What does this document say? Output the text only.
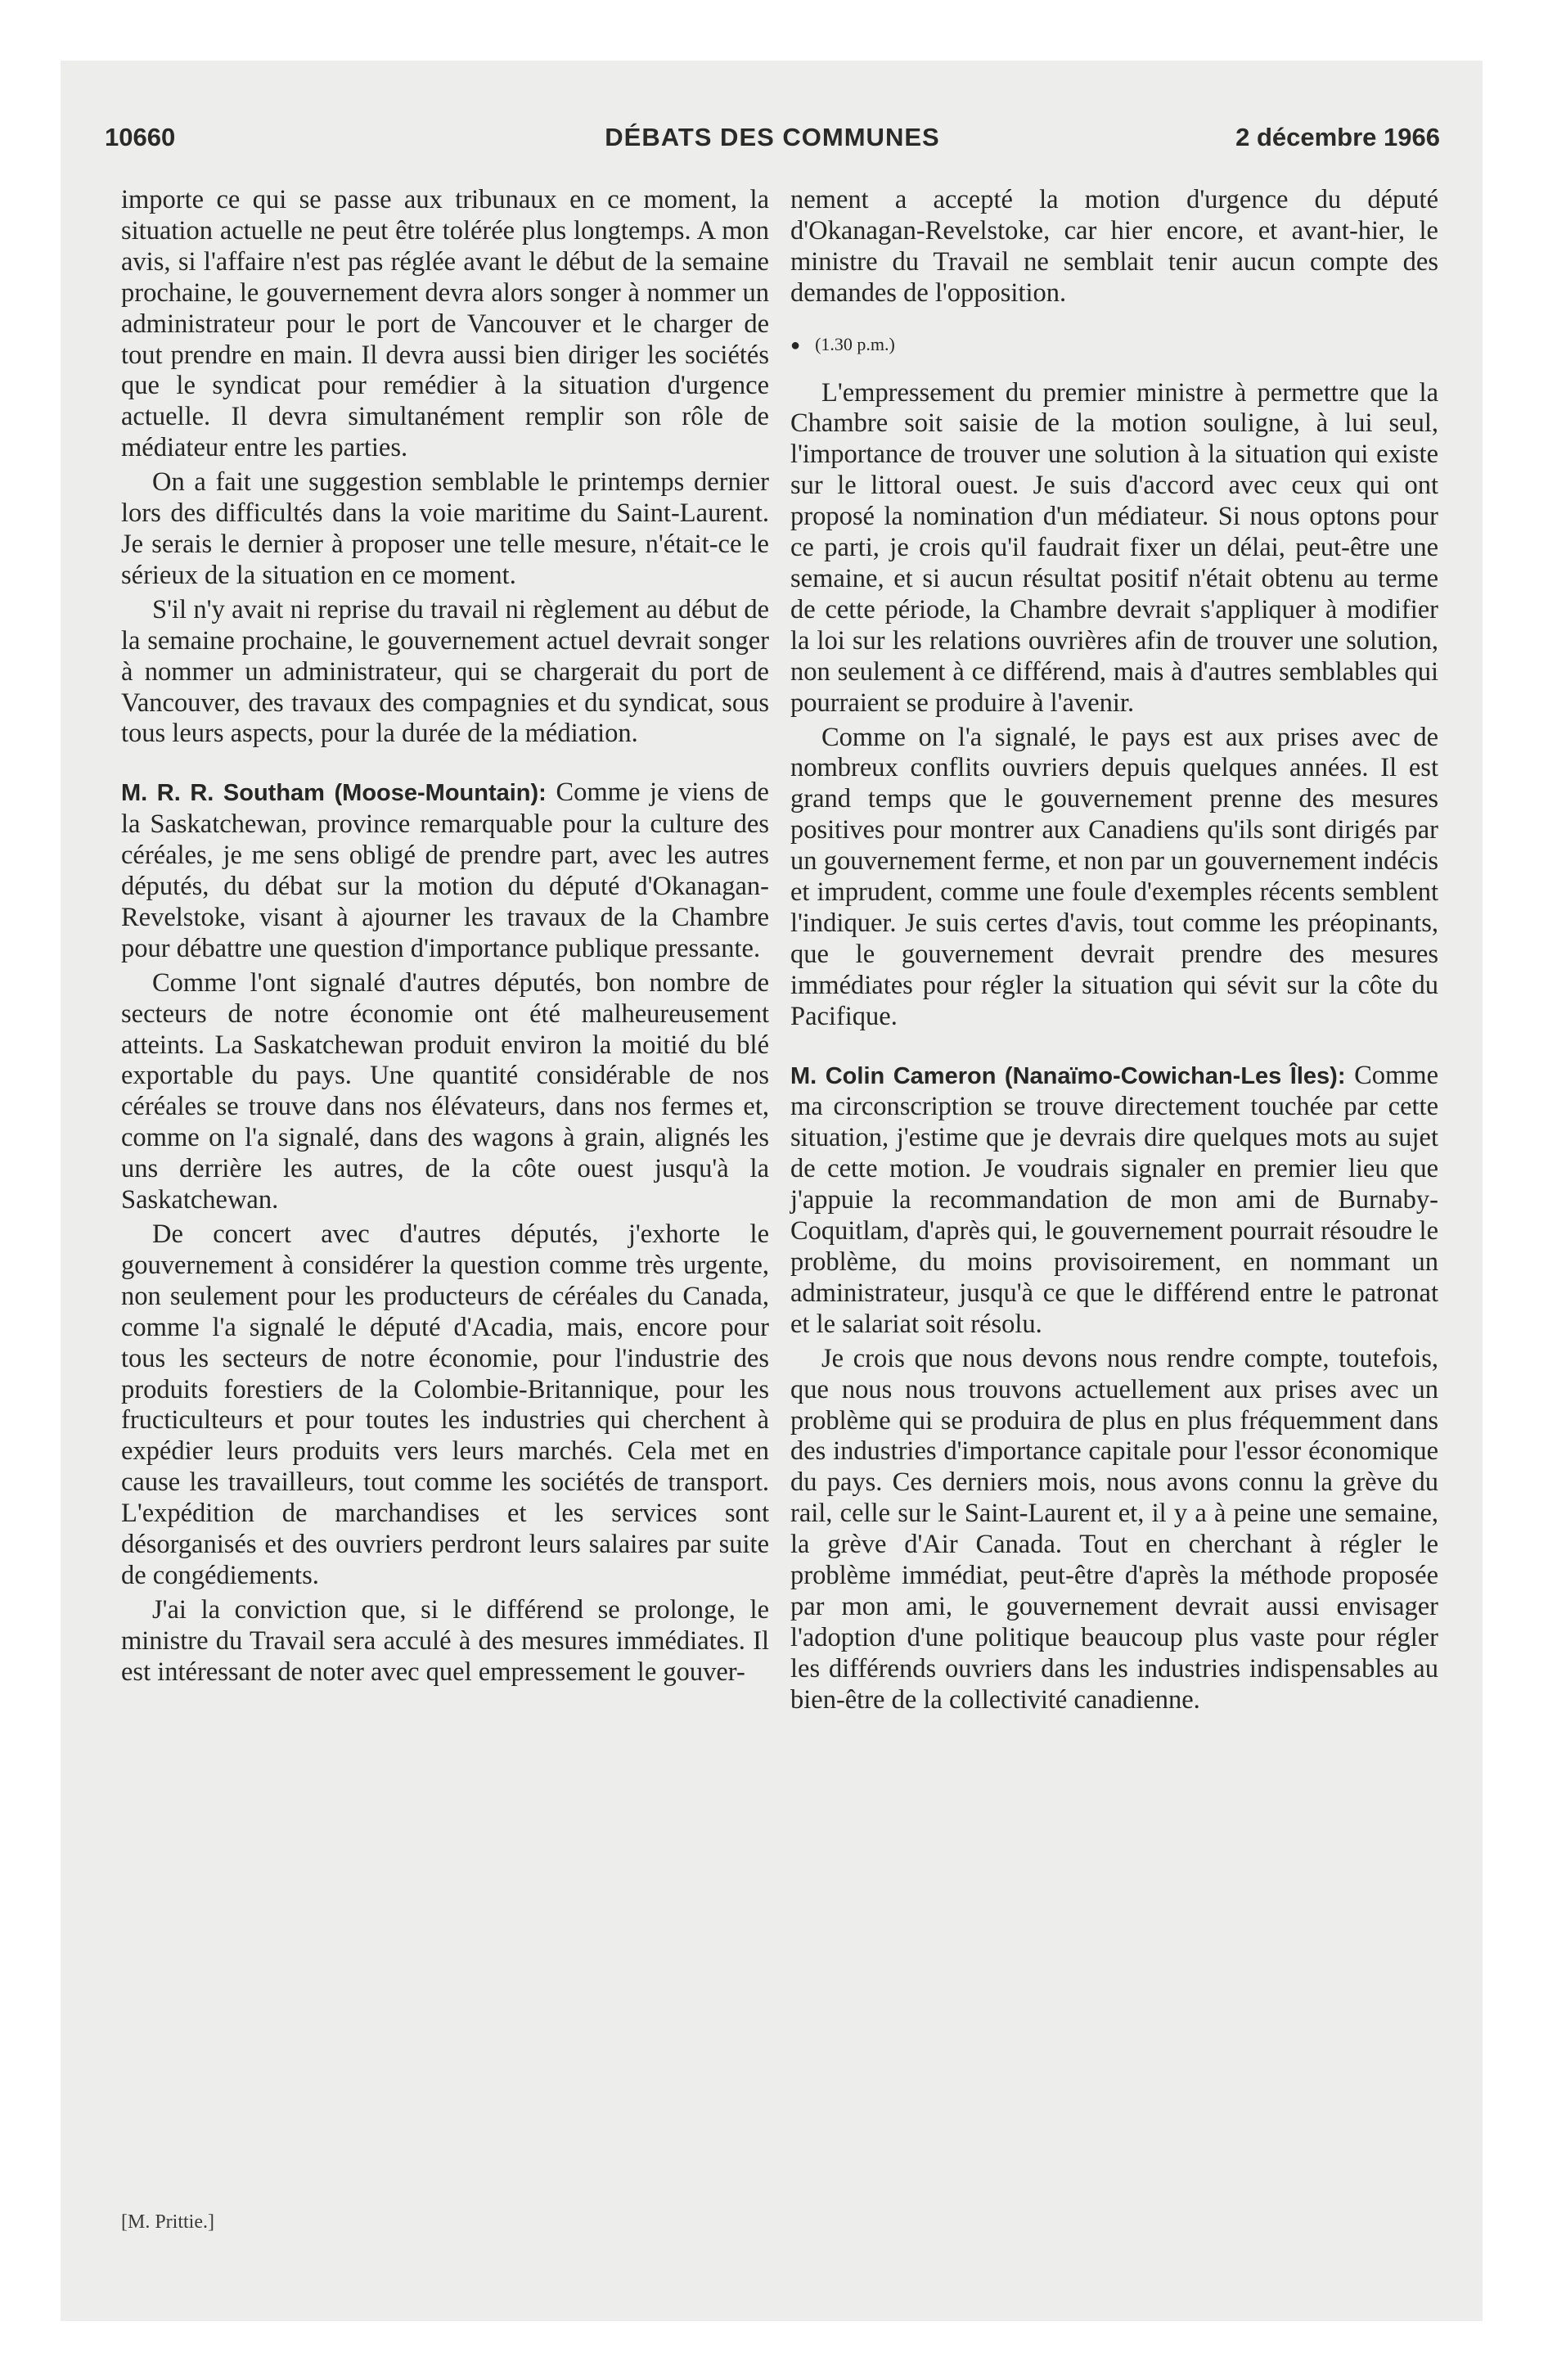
10660	DÉBATS DES COMMUNES	2 décembre 1966

importe ce qui se passe aux tribunaux en ce moment, la situation actuelle ne peut être tolérée plus longtemps. A mon avis, si l'affaire n'est pas réglée avant le début de la semaine prochaine, le gouvernement devra alors songer à nommer un administrateur pour le port de Vancouver et le charger de tout prendre en main. Il devra aussi bien diriger les sociétés que le syndicat pour remédier à la situation d'urgence actuelle. Il devra simultanément remplir son rôle de médiateur entre les parties.

On a fait une suggestion semblable le printemps dernier lors des difficultés dans la voie maritime du Saint-Laurent. Je serais le dernier à proposer une telle mesure, n'était-ce le sérieux de la situation en ce moment.

S'il n'y avait ni reprise du travail ni règlement au début de la semaine prochaine, le gouvernement actuel devrait songer à nommer un administrateur, qui se chargerait du port de Vancouver, des travaux des compagnies et du syndicat, sous tous leurs aspects, pour la durée de la médiation.

M. R. R. Southam (Moose-Mountain): Comme je viens de la Saskatchewan, province remarquable pour la culture des céréales, je me sens obligé de prendre part, avec les autres députés, du débat sur la motion du député d'Okanagan-Revelstoke, visant à ajourner les travaux de la Chambre pour débattre une question d'importance publique pressante.

Comme l'ont signalé d'autres députés, bon nombre de secteurs de notre économie ont été malheureusement atteints. La Saskatchewan produit environ la moitié du blé exportable du pays. Une quantité considérable de nos céréales se trouve dans nos élévateurs, dans nos fermes et, comme on l'a signalé, dans des wagons à grain, alignés les uns derrière les autres, de la côte ouest jusqu'à la Saskatchewan.

De concert avec d'autres députés, j'exhorte le gouvernement à considérer la question comme très urgente, non seulement pour les producteurs de céréales du Canada, comme l'a signalé le député d'Acadia, mais, encore pour tous les secteurs de notre économie, pour l'industrie des produits forestiers de la Colombie-Britannique, pour les fructiculteurs et pour toutes les industries qui cherchent à expédier leurs produits vers leurs marchés. Cela met en cause les travailleurs, tout comme les sociétés de transport. L'expédition de marchandises et les services sont désorganisés et des ouvriers perdront leurs salaires par suite de congédiements.

J'ai la conviction que, si le différend se prolonge, le ministre du Travail sera acculé à des mesures immédiates. Il est intéressant de noter avec quel empressement le gouver-

nement a accepté la motion d'urgence du député d'Okanagan-Revelstoke, car hier encore, et avant-hier, le ministre du Travail ne semblait tenir aucun compte des demandes de l'opposition.

● (1.30 p.m.)

L'empressement du premier ministre à permettre que la Chambre soit saisie de la motion souligne, à lui seul, l'importance de trouver une solution à la situation qui existe sur le littoral ouest. Je suis d'accord avec ceux qui ont proposé la nomination d'un médiateur. Si nous optons pour ce parti, je crois qu'il faudrait fixer un délai, peut-être une semaine, et si aucun résultat positif n'était obtenu au terme de cette période, la Chambre devrait s'appliquer à modifier la loi sur les relations ouvrières afin de trouver une solution, non seulement à ce différend, mais à d'autres semblables qui pourraient se produire à l'avenir.

Comme on l'a signalé, le pays est aux prises avec de nombreux conflits ouvriers depuis quelques années. Il est grand temps que le gouvernement prenne des mesures positives pour montrer aux Canadiens qu'ils sont dirigés par un gouvernement ferme, et non par un gouvernement indécis et imprudent, comme une foule d'exemples récents semblent l'indiquer. Je suis certes d'avis, tout comme les préopinants, que le gouvernement devrait prendre des mesures immédiates pour régler la situation qui sévit sur la côte du Pacifique.

M. Colin Cameron (Nanaïmo-Cowichan-Les Îles): Comme ma circonscription se trouve directement touchée par cette situation, j'estime que je devrais dire quelques mots au sujet de cette motion. Je voudrais signaler en premier lieu que j'appuie la recommandation de mon ami de Burnaby-Coquitlam, d'après qui, le gouvernement pourrait résoudre le problème, du moins provisoirement, en nommant un administrateur, jusqu'à ce que le différend entre le patronat et le salariat soit résolu.

Je crois que nous devons nous rendre compte, toutefois, que nous nous trouvons actuellement aux prises avec un problème qui se produira de plus en plus fréquemment dans des industries d'importance capitale pour l'essor économique du pays. Ces derniers mois, nous avons connu la grève du rail, celle sur le Saint-Laurent et, il y a à peine une semaine, la grève d'Air Canada. Tout en cherchant à régler le problème immédiat, peut-être d'après la méthode proposée par mon ami, le gouvernement devrait aussi envisager l'adoption d'une politique beaucoup plus vaste pour régler les différends ouvriers dans les industries indispensables au bien-être de la collectivité canadienne.

[M. Prittie.]
